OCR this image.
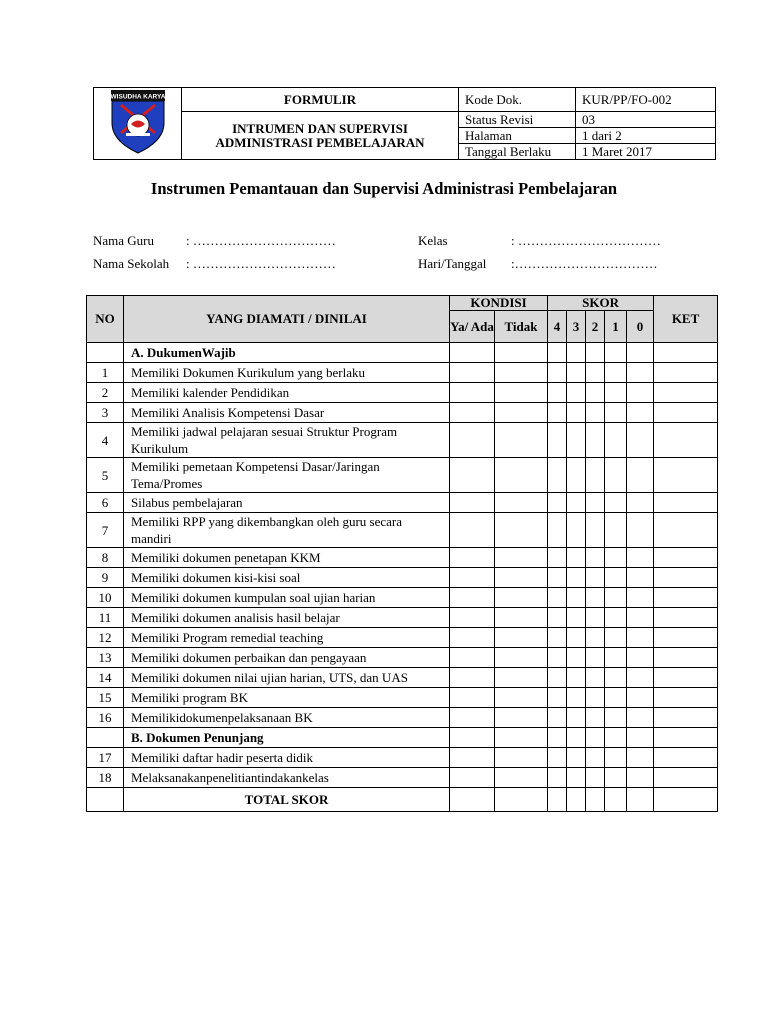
WISUDHA KARYA	FORMULIR	Kode Dok.	KUR/PP/FO-002

	INTRUMEN DAN SUPERVISI
ADMINISTRASI PEMBELAJARAN	Status Revisi	03
		Halaman	1 dari 2
		Tanggal Berlaku	1 Maret 2017
Instrumen Pemantauan dan Supervisi Administrasi Pembelajaran
Nama Guru : ……………………………
Nama Sekolah : ……………………………
Kelas	: ……………………………
Hari/Tanggal :……………………………
NO	YANG DIAMATI / DINILAI	KONDISI		SKOR					KET
		Ya/ Ada	Tidak	4	3	2	1	0	
	A. DukumenWajib								
1	Memiliki Dokumen Kurikulum yang berlaku								
2	Memiliki kalender Pendidikan								
3	Memiliki Analisis Kompetensi Dasar								
4	Memiliki jadwal pelajaran sesuai Struktur Program Kurikulum								
5	Memiliki pemetaan Kompetensi Dasar/Jaringan Tema/Promes								
6	Silabus pembelajaran								
7	Memiliki RPP yang dikembangkan oleh guru secara mandiri								
8	Memiliki dokumen penetapan KKM								
9	Memiliki dokumen kisi-kisi soal								
10	Memiliki dokumen kumpulan soal ujian harian								
11	Memiliki dokumen analisis hasil belajar								
12	Memiliki Program remedial teaching								
13	Memiliki dokumen perbaikan dan pengayaan								
14	Memiliki dokumen nilai ujian harian, UTS, dan UAS								
15	Memiliki program BK								
16	Memilikidokumenpelaksanaan BK								
	B. Dokumen Penunjang								
17	Memiliki daftar hadir peserta didik								
18	Melaksanakanpenelitiantindakankelas								
	TOTAL SKOR								
